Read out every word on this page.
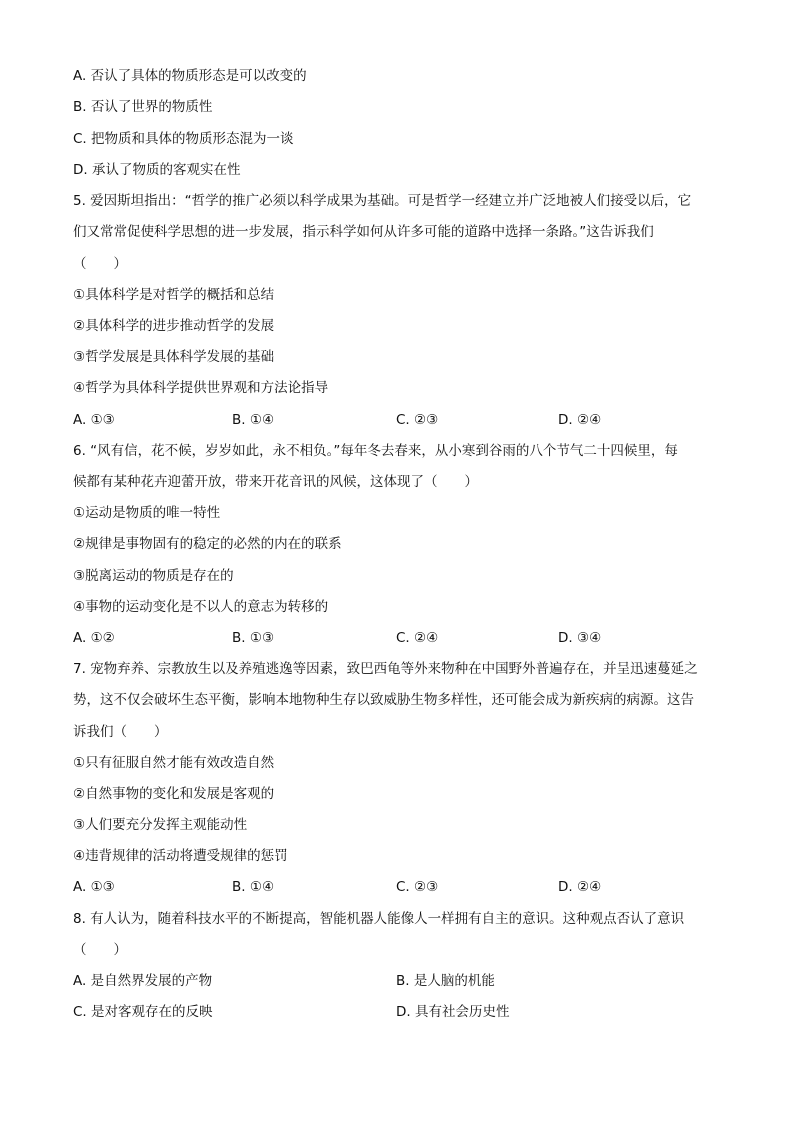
A. 否认了具体的物质形态是可以改变的
B. 否认了世界的物质性
C. 把物质和具体的物质形态混为一谈
D. 承认了物质的客观实在性
5. 爱因斯坦指出：“哲学的推广必须以科学成果为基础。可是哲学一经建立并广泛地被人们接受以后，它
们又常常促使科学思想的进一步发展，指示科学如何从许多可能的道路中选择一条路。”这告诉我们
（　　）
①具体科学是对哲学的概括和总结
②具体科学的进步推动哲学的发展
③哲学发展是具体科学发展的基础
④哲学为具体科学提供世界观和方法论指导
A. ①③	B. ①④	C. ②③	D. ②④
6. “风有信，花不候，岁岁如此，永不相负。”每年冬去春来，从小寒到谷雨的八个节气二十四候里，每
候都有某种花卉迎蕾开放，带来开花音讯的风候，这体现了（　　）
①运动是物质的唯一特性
②规律是事物固有的稳定的必然的内在的联系
③脱离运动的物质是存在的
④事物的运动变化是不以人的意志为转移的
A. ①②	B. ①③	C. ②④	D. ③④
7. 宠物弃养、宗教放生以及养殖逃逸等因素，致巴西龟等外来物种在中国野外普遍存在，并呈迅速蔓延之
势，这不仅会破坏生态平衡，影响本地物种生存以致威胁生物多样性，还可能会成为新疾病的病源。这告
诉我们（　　）
①只有征服自然才能有效改造自然
②自然事物的变化和发展是客观的
③人们要充分发挥主观能动性
④违背规律的活动将遭受规律的惩罚
A. ①③	B. ①④	C. ②③	D. ②④
8. 有人认为，随着科技水平的不断提高，智能机器人能像人一样拥有自主的意识。这种观点否认了意识
（　　）
A. 是自然界发展的产物	B. 是人脑的机能
C. 是对客观存在的反映	D. 具有社会历史性
